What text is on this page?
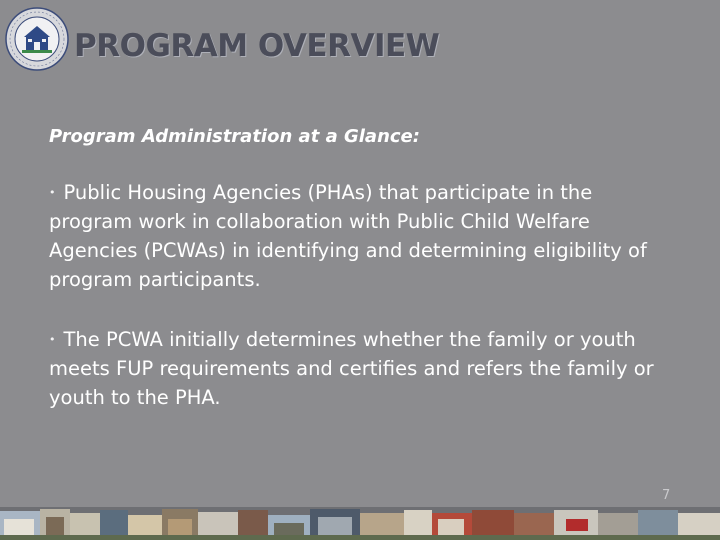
PROGRAM OVERVIEW
Program Administration at a Glance:
• Public Housing Agencies (PHAs) that participate in the program work in collaboration with Public Child Welfare Agencies (PCWAs) in identifying and determining eligibility of program participants.
• The PCWA initially determines whether the family or youth meets FUP requirements and certifies and refers the family or youth to the PHA.
7
